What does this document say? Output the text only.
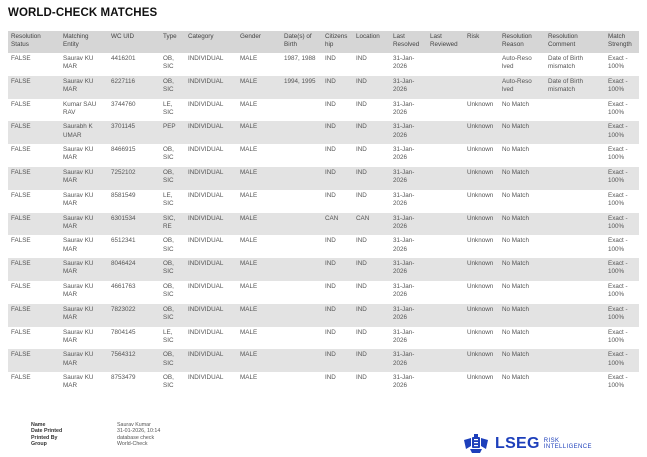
WORLD-CHECK MATCHES
Resolution Status	Matching Entity	WC UID	Type	Category	Gender	Date(s) of Birth	Citizens hip	Location	Last Resolved	Last Reviewed	Risk	Resolution Reason	Resolution Comment	Match Strength
FALSE	Saurav KU MAR	4416201	OB, SIC	INDIVIDUAL	MALE	1987, 1988	IND	IND	31-Jan-2026			Auto-Reso lved	Date of Birth mismatch	Exact - 100%
FALSE	Saurav KU MAR	6227116	OB, SIC	INDIVIDUAL	MALE	1994, 1995	IND	IND	31-Jan-2026			Auto-Reso lved	Date of Birth mismatch	Exact - 100%
FALSE	Kumar SAU RAV	3744760	LE, SIC	INDIVIDUAL	MALE		IND	IND	31-Jan-2026		Unknown	No Match		Exact - 100%
FALSE	Saurabh K UMAR	3701145	PEP	INDIVIDUAL	MALE		IND	IND	31-Jan-2026		Unknown	No Match		Exact - 100%
FALSE	Saurav KU MAR	8466915	OB, SIC	INDIVIDUAL	MALE		IND	IND	31-Jan-2026		Unknown	No Match		Exact - 100%
FALSE	Saurav KU MAR	7252102	OB, SIC	INDIVIDUAL	MALE		IND	IND	31-Jan-2026		Unknown	No Match		Exact - 100%
FALSE	Saurav KU MAR	8581549	LE, SIC	INDIVIDUAL	MALE		IND	IND	31-Jan-2026		Unknown	No Match		Exact - 100%
FALSE	Saurav KU MAR	6301534	SIC, RE	INDIVIDUAL	MALE		CAN	CAN	31-Jan-2026		Unknown	No Match		Exact - 100%
FALSE	Saurav KU MAR	6512341	OB, SIC	INDIVIDUAL	MALE		IND	IND	31-Jan-2026		Unknown	No Match		Exact - 100%
FALSE	Saurav KU MAR	8046424	OB, SIC	INDIVIDUAL	MALE		IND	IND	31-Jan-2026		Unknown	No Match		Exact - 100%
FALSE	Saurav KU MAR	4661763	OB, SIC	INDIVIDUAL	MALE		IND	IND	31-Jan-2026		Unknown	No Match		Exact - 100%
FALSE	Saurav KU MAR	7823022	OB, SIC	INDIVIDUAL	MALE		IND	IND	31-Jan-2026		Unknown	No Match		Exact - 100%
FALSE	Saurav KU MAR	7804145	LE, SIC	INDIVIDUAL	MALE		IND	IND	31-Jan-2026		Unknown	No Match		Exact - 100%
FALSE	Saurav KU MAR	7564312	OB, SIC	INDIVIDUAL	MALE		IND	IND	31-Jan-2026		Unknown	No Match		Exact - 100%
FALSE	Saurav KU MAR	8753479	OB, SIC	INDIVIDUAL	MALE		IND	IND	31-Jan-2026		Unknown	No Match		Exact - 100%
Name	Saurav Kumar
Date Printed	31-01-2026, 10:14
Printed By	database check
Group	World-Check	LSEG RISK
INTELLIGENCE
